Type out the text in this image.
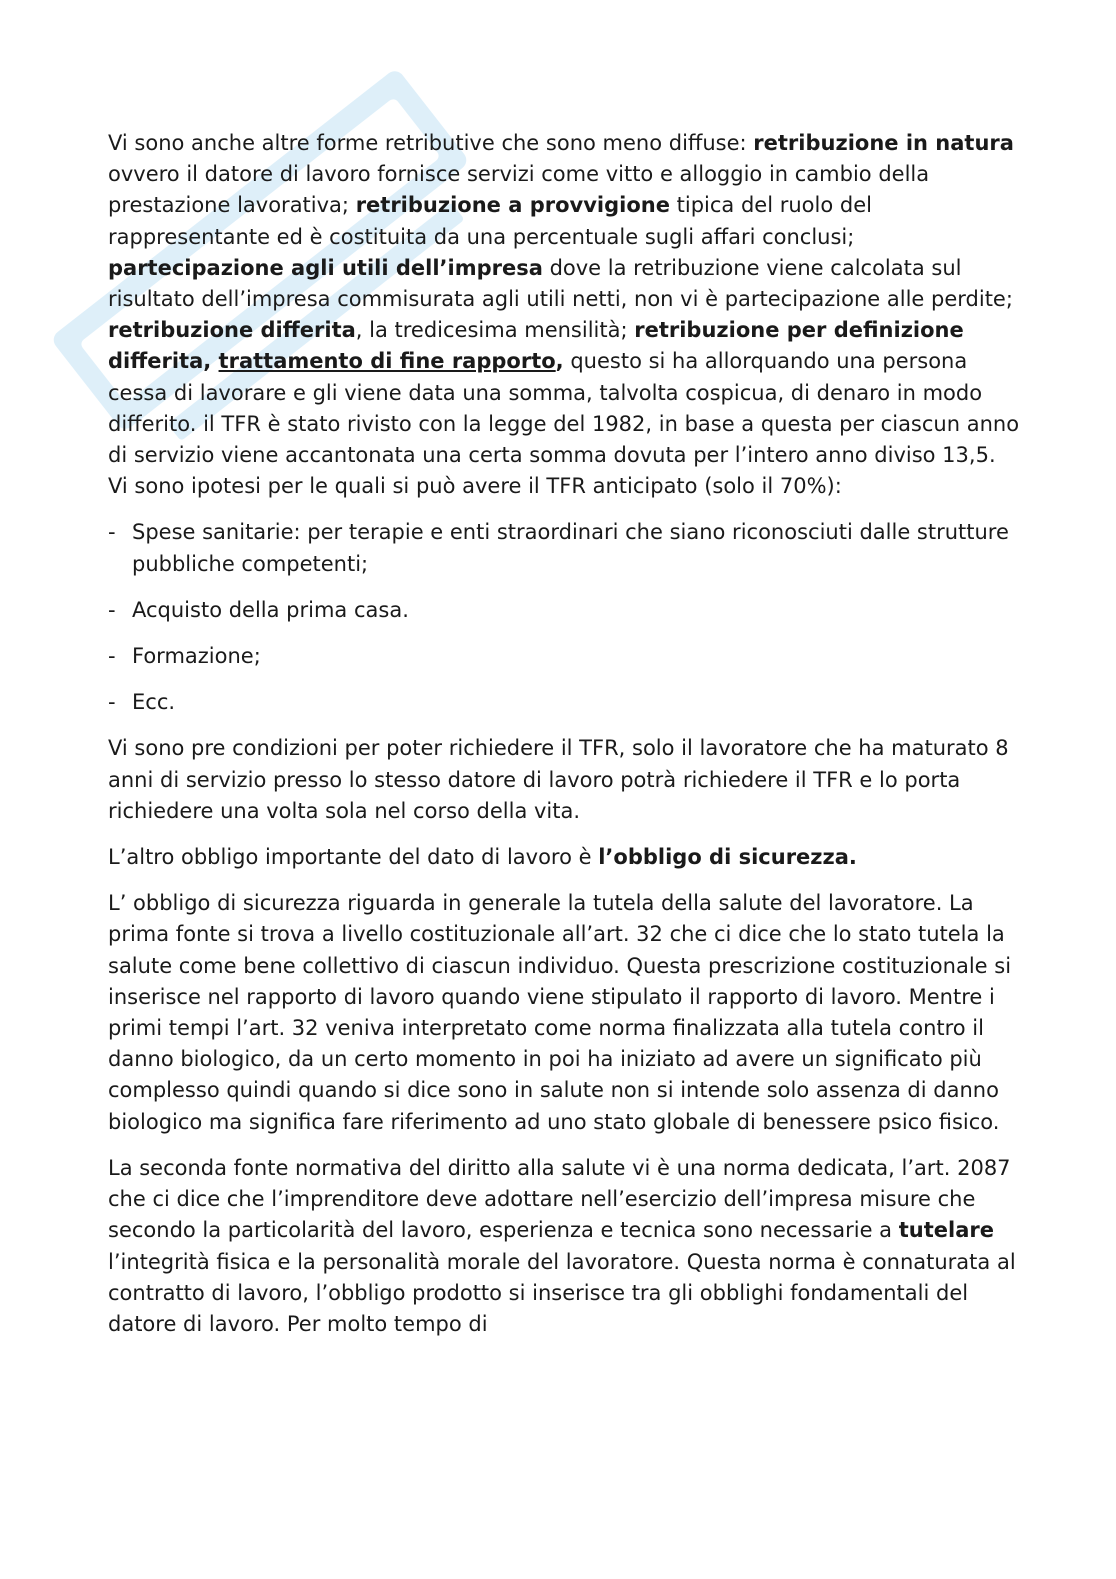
Vi sono anche altre forme retributive che sono meno diffuse: retribuzione in natura ovvero il datore di lavoro fornisce servizi come vitto e alloggio in cambio della prestazione lavorativa; retribuzione a provvigione tipica del ruolo del rappresentante ed è costituita da una percentuale sugli affari conclusi; partecipazione agli utili dell’impresa dove la retribuzione viene calcolata sul risultato dell’impresa commisurata agli utili netti, non vi è partecipazione alle perdite; retribuzione differita, la tredicesima mensilità; retribuzione per definizione differita, trattamento di fine rapporto, questo si ha allorquando una persona cessa di lavorare e gli viene data una somma, talvolta cospicua, di denaro in modo differito. il TFR è stato rivisto con la legge del 1982, in base a questa per ciascun anno di servizio viene accantonata una certa somma dovuta per l’intero anno diviso 13,5. Vi sono ipotesi per le quali si può avere il TFR anticipato (solo il 70%):

- Spese sanitarie: per terapie e enti straordinari che siano riconosciuti dalle strutture pubbliche competenti;
- Acquisto della prima casa.
- Formazione;
- Ecc.

Vi sono pre condizioni per poter richiedere il TFR, solo il lavoratore che ha maturato 8 anni di servizio presso lo stesso datore di lavoro potrà richiedere il TFR e lo porta richiedere una volta sola nel corso della vita.

L’altro obbligo importante del dato di lavoro è l’obbligo di sicurezza.

L’ obbligo di sicurezza riguarda in generale la tutela della salute del lavoratore. La prima fonte si trova a livello costituzionale all’art. 32 che ci dice che lo stato tutela la salute come bene collettivo di ciascun individuo. Questa prescrizione costituzionale si inserisce nel rapporto di lavoro quando viene stipulato il rapporto di lavoro. Mentre i primi tempi l’art. 32 veniva interpretato come norma finalizzata alla tutela contro il danno biologico, da un certo momento in poi ha iniziato ad avere un significato più complesso quindi quando si dice sono in salute non si intende solo assenza di danno biologico ma significa fare riferimento ad uno stato globale di benessere psico fisico.

La seconda fonte normativa del diritto alla salute vi è una norma dedicata, l’art. 2087 che ci dice che l’imprenditore deve adottare nell’esercizio dell’impresa misure che secondo la particolarità del lavoro, esperienza e tecnica sono necessarie a tutelare l’integrità fisica e la personalità morale del lavoratore. Questa norma è connaturata al contratto di lavoro, l’obbligo prodotto si inserisce tra gli obblighi fondamentali del datore di lavoro. Per molto tempo di
